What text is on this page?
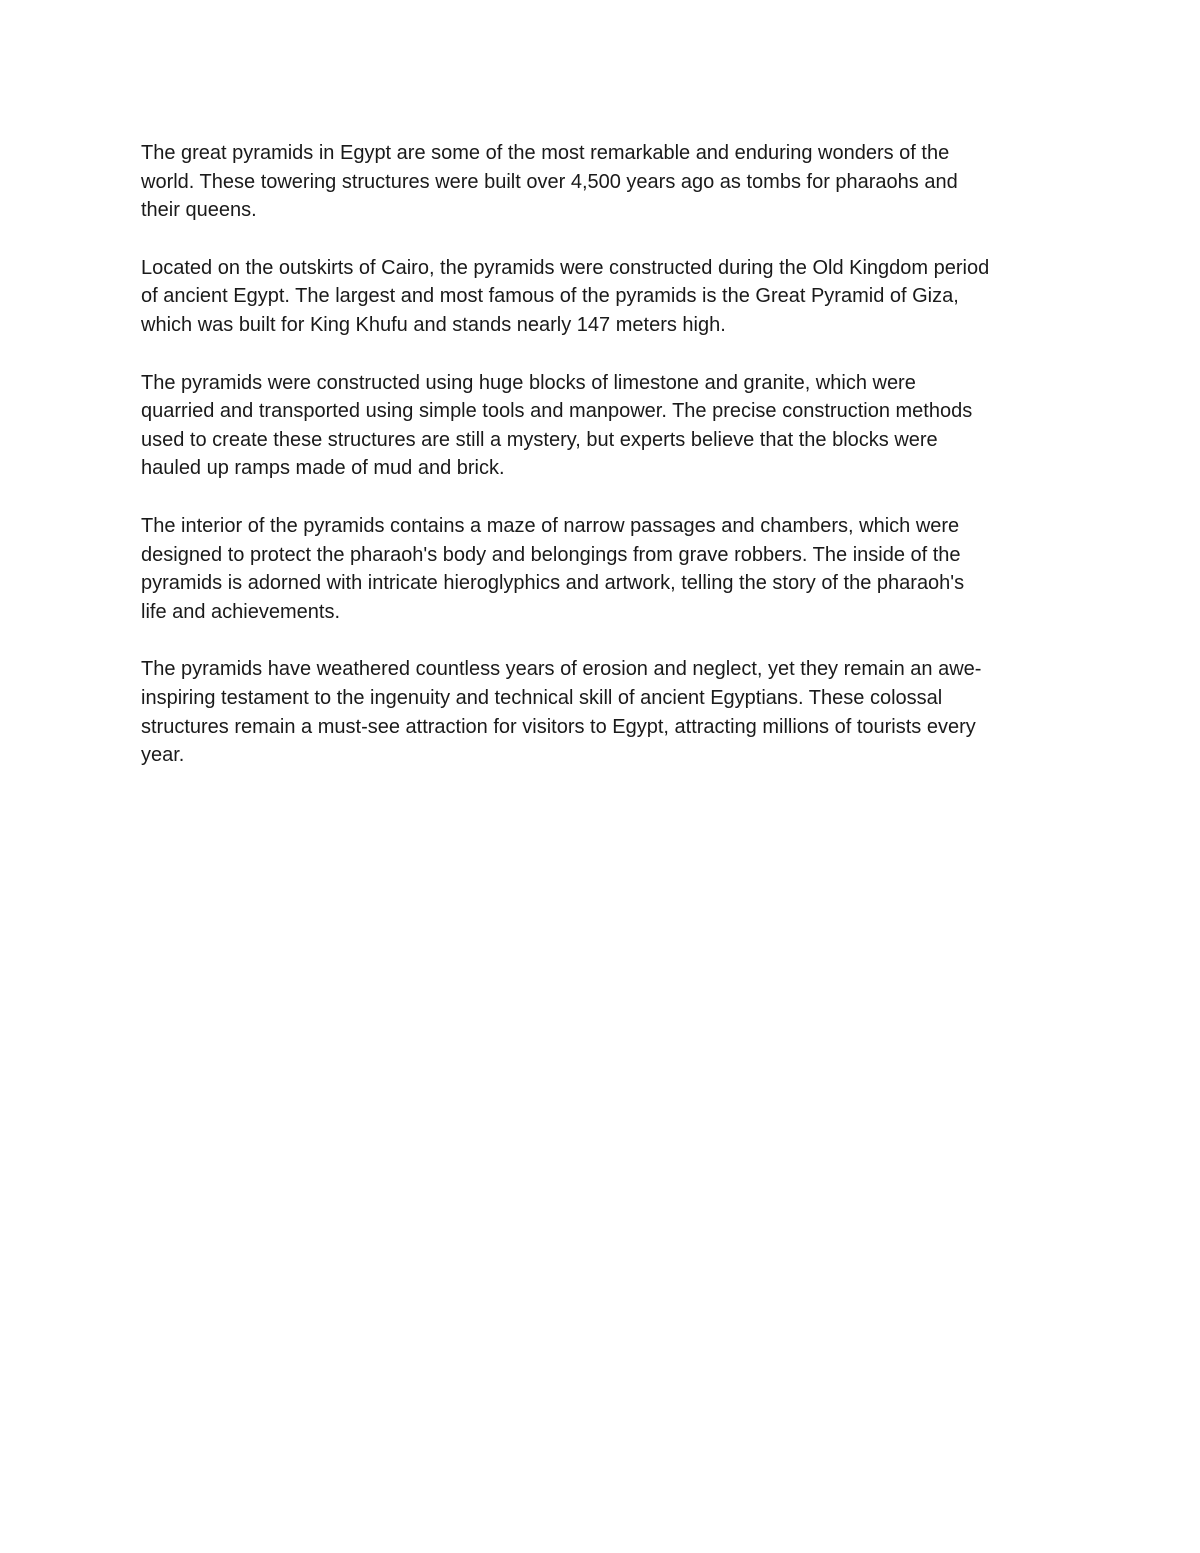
The great pyramids in Egypt are some of the most remarkable and enduring wonders of the
world. These towering structures were built over 4,500 years ago as tombs for pharaohs and
their queens.

Located on the outskirts of Cairo, the pyramids were constructed during the Old Kingdom period
of ancient Egypt. The largest and most famous of the pyramids is the Great Pyramid of Giza,
which was built for King Khufu and stands nearly 147 meters high.

The pyramids were constructed using huge blocks of limestone and granite, which were
quarried and transported using simple tools and manpower. The precise construction methods
used to create these structures are still a mystery, but experts believe that the blocks were
hauled up ramps made of mud and brick.

The interior of the pyramids contains a maze of narrow passages and chambers, which were
designed to protect the pharaoh's body and belongings from grave robbers. The inside of the
pyramids is adorned with intricate hieroglyphics and artwork, telling the story of the pharaoh's
life and achievements.

The pyramids have weathered countless years of erosion and neglect, yet they remain an awe-
inspiring testament to the ingenuity and technical skill of ancient Egyptians. These colossal
structures remain a must-see attraction for visitors to Egypt, attracting millions of tourists every
year.
